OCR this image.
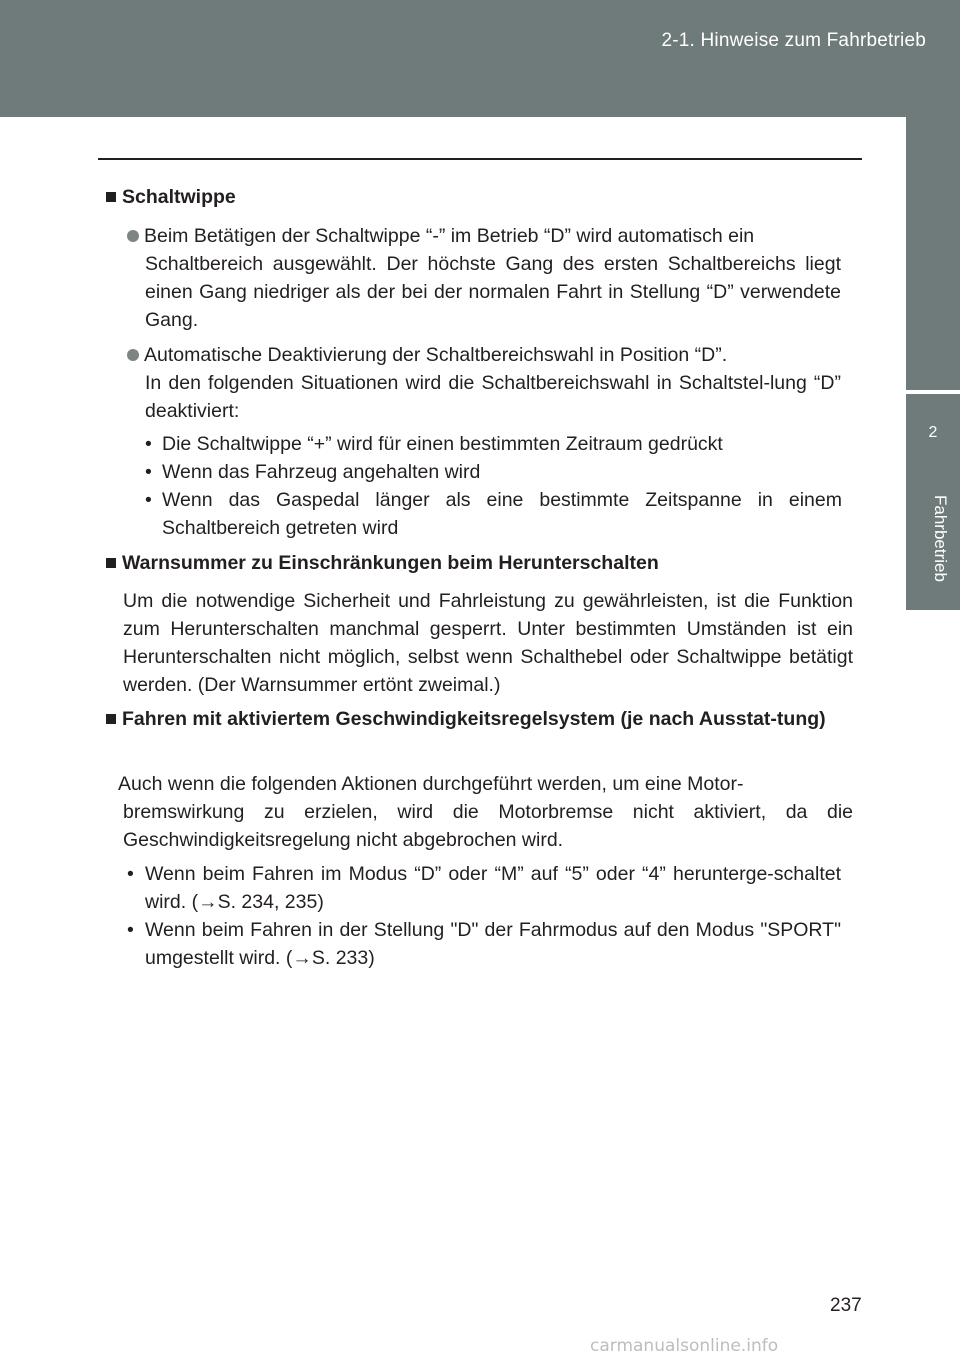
2-1. Hinweise zum Fahrbetrieb
2
Fahrbetrieb
Schaltwippe
Beim Betätigen der Schaltwippe “-” im Betrieb “D” wird automatisch ein
Schaltbereich ausgewählt. Der höchste Gang des ersten Schaltbereichs liegt einen Gang niedriger als der bei der normalen Fahrt in Stellung “D” verwendete Gang.
Automatische Deaktivierung der Schaltbereichswahl in Position “D”.
In den folgenden Situationen wird die Schaltbereichswahl in Schaltstel-lung “D” deaktiviert:
• Die Schaltwippe “+” wird für einen bestimmten Zeitraum gedrückt
• Wenn das Fahrzeug angehalten wird
• Wenn das Gaspedal länger als eine bestimmte Zeitspanne in einem Schaltbereich getreten wird
Warnsummer zu Einschränkungen beim Herunterschalten
Um die notwendige Sicherheit und Fahrleistung zu gewährleisten, ist die Funktion zum Herunterschalten manchmal gesperrt. Unter bestimmten Umständen ist ein Herunterschalten nicht möglich, selbst wenn Schalthebel oder Schaltwippe betätigt werden. (Der Warnsummer ertönt zweimal.)
Fahren mit aktiviertem Geschwindigkeitsregelsystem (je nach Ausstat-tung)
Auch wenn die folgenden Aktionen durchgeführt werden, um eine Motor-
bremswirkung zu erzielen, wird die Motorbremse nicht aktiviert, da die Geschwindigkeitsregelung nicht abgebrochen wird.
• Wenn beim Fahren im Modus “D” oder “M” auf “5” oder “4” herunterge-schaltet wird. (→S. 234, 235)
• Wenn beim Fahren in der Stellung "D" der Fahrmodus auf den Modus "SPORT" umgestellt wird. (→S. 233)
237
carmanualsonline.info
